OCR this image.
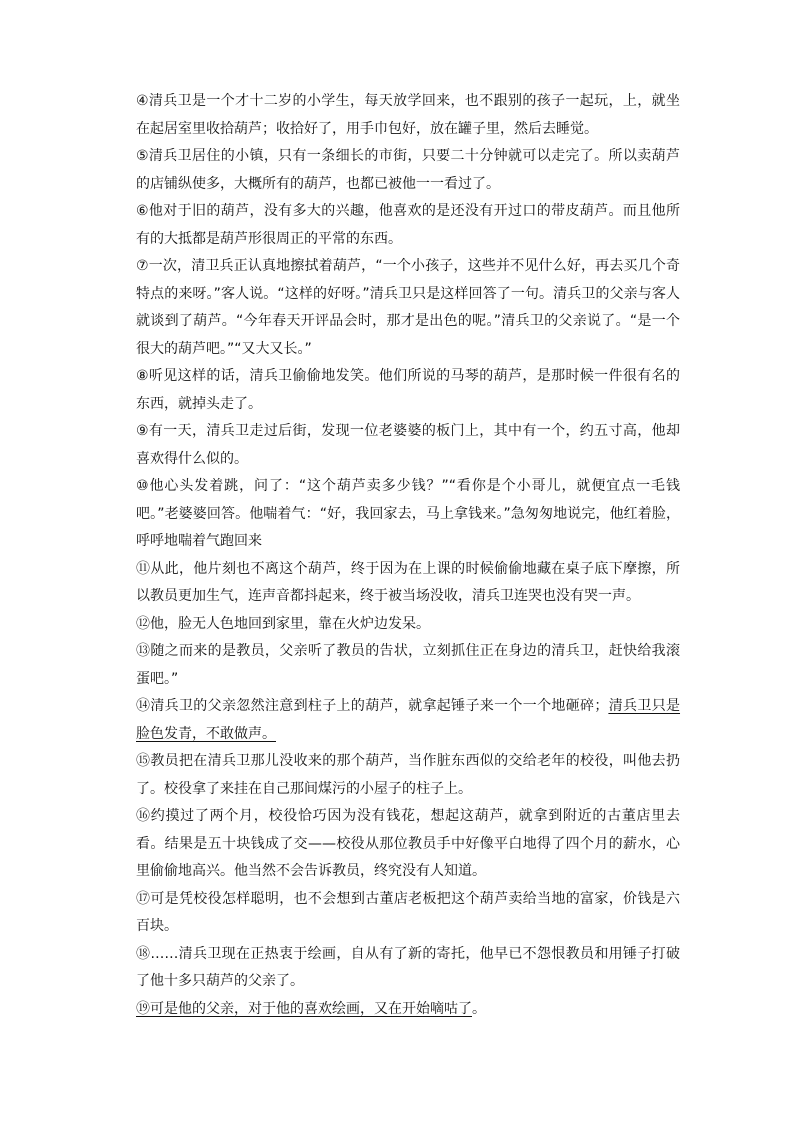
④清兵卫是一个才十二岁的小学生，每天放学回来，也不跟别的孩子一起玩，上，就坐在起居室里收拾葫芦；收拾好了，用手巾包好，放在罐子里，然后去睡觉。

⑤清兵卫居住的小镇，只有一条细长的市街，只要二十分钟就可以走完了。所以卖葫芦的店铺纵使多，大概所有的葫芦，也都已被他一一看过了。

⑥他对于旧的葫芦，没有多大的兴趣，他喜欢的是还没有开过口的带皮葫芦。而且他所有的大抵都是葫芦形很周正的平常的东西。

⑦一次，清卫兵正认真地擦拭着葫芦，“一个小孩子，这些并不见什么好，再去买几个奇特点的来呀。”客人说。“这样的好呀。”清兵卫只是这样回答了一句。清兵卫的父亲与客人就谈到了葫芦。“今年春天开评品会时，那才是出色的呢。”清兵卫的父亲说了。“是一个很大的葫芦吧。”“又大又长。”

⑧听见这样的话，清兵卫偷偷地发笑。他们所说的马琴的葫芦，是那时候一件很有名的东西，就掉头走了。

⑨有一天，清兵卫走过后街，发现一位老婆婆的板门上，其中有一个，约五寸高，他却喜欢得什么似的。

⑩他心头发着跳，问了：“这个葫芦卖多少钱？”“看你是个小哥儿，就便宜点一毛钱吧。”老婆婆回答。他喘着气：“好，我回家去，马上拿钱来。”急匆匆地说完，他红着脸，呼呼地喘着气跑回来

⑪从此，他片刻也不离这个葫芦，终于因为在上课的时候偷偷地藏在桌子底下摩擦，所以教员更加生气，连声音都抖起来，终于被当场没收，清兵卫连哭也没有哭一声。

⑫他，脸无人色地回到家里，靠在火炉边发呆。

⑬随之而来的是教员，父亲听了教员的告状，立刻抓住正在身边的清兵卫，赶快给我滚蛋吧。”

⑭清兵卫的父亲忽然注意到柱子上的葫芦，就拿起锤子来一个一个地砸碎；清兵卫只是脸色发青，不敢做声。

⑮教员把在清兵卫那儿没收来的那个葫芦，当作脏东西似的交给老年的校役，叫他去扔了。校役拿了来挂在自己那间煤污的小屋子的柱子上。

⑯约摸过了两个月，校役恰巧因为没有钱花，想起这葫芦，就拿到附近的古董店里去看。结果是五十块钱成了交——校役从那位教员手中好像平白地得了四个月的薪水，心里偷偷地高兴。他当然不会告诉教员，终究没有人知道。

⑰可是凭校役怎样聪明，也不会想到古董店老板把这个葫芦卖给当地的富家，价钱是六百块。

⑱……清兵卫现在正热衷于绘画，自从有了新的寄托，他早已不怨恨教员和用锤子打破了他十多只葫芦的父亲了。

⑲可是他的父亲，对于他的喜欢绘画，又在开始嘀咕了。
